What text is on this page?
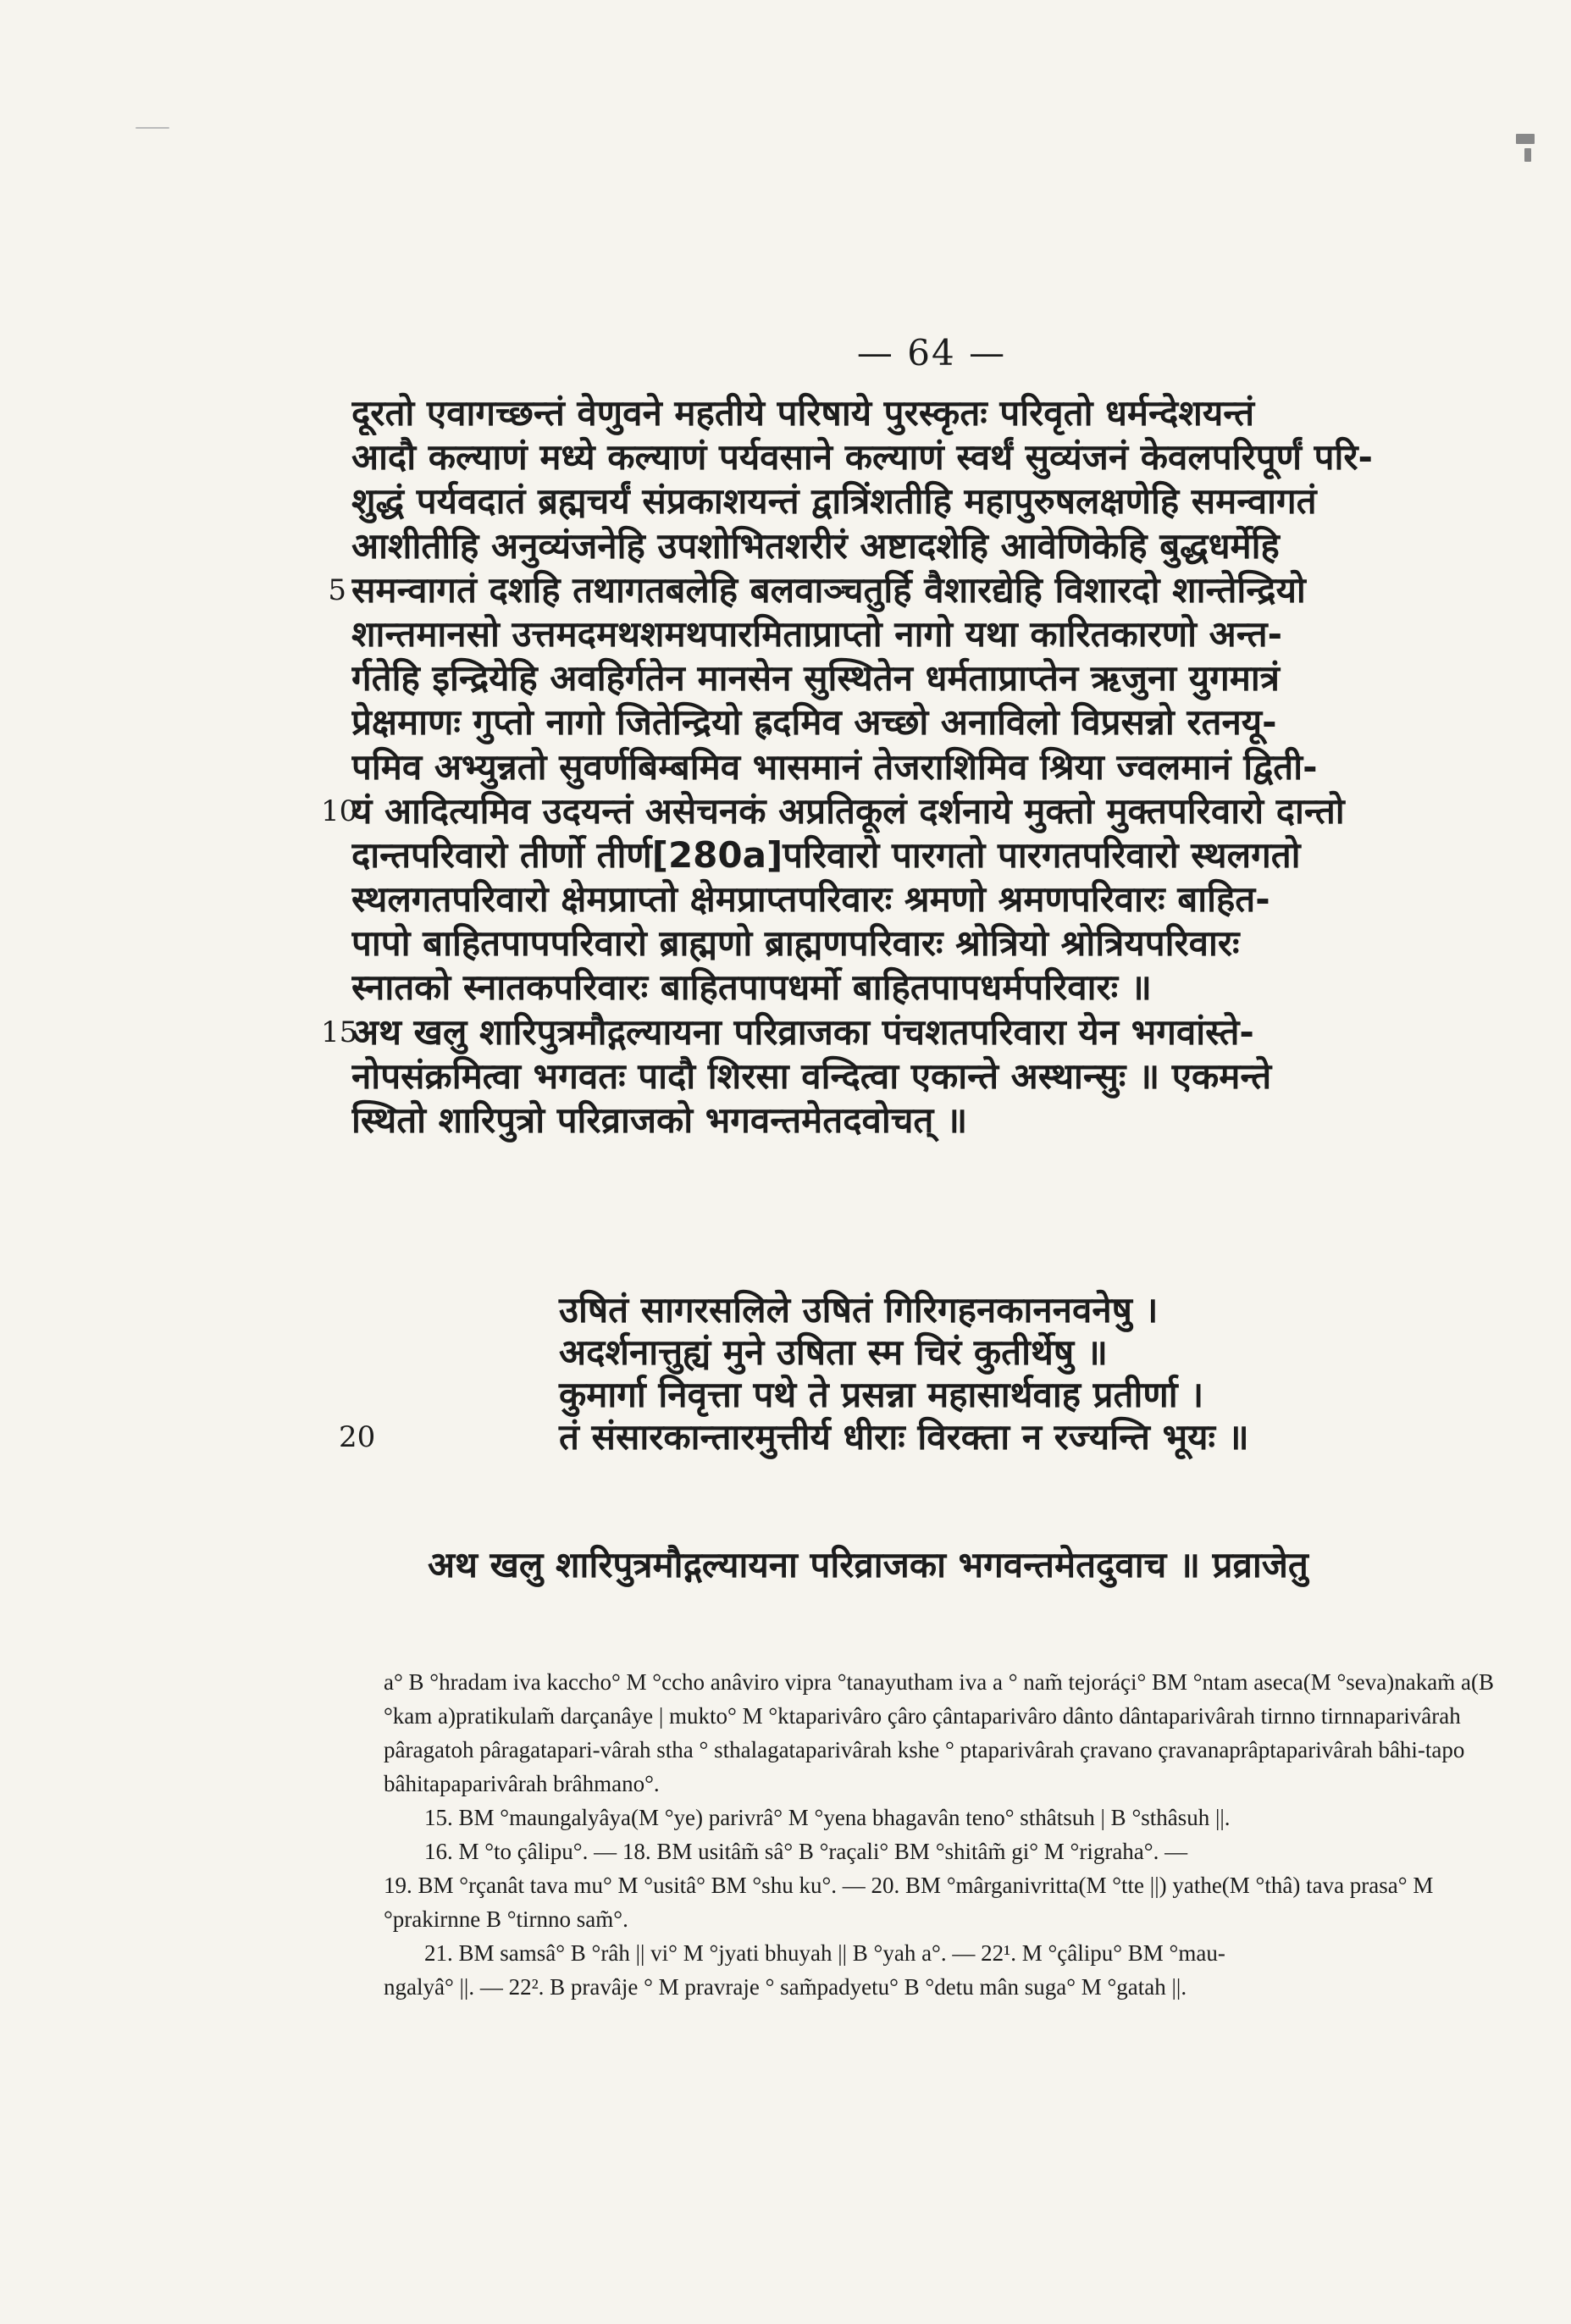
— 64 —
दूरतो एवागच्छन्तं वेणुवने महतीये परिषाये पुरस्कृतः परिवृतो धर्मन्देशयन्तं
आदौ कल्याणं मध्ये कल्याणं पर्यवसाने कल्याणं स्वर्थं सुव्यंजनं केवलपरिपूर्णं परि-
शुद्धं पर्यवदातं ब्रह्मचर्यं संप्रकाशयन्तं द्वात्रिंशतीहि महापुरुषलक्षणेहि समन्वागतं
आशीतीहि अनुव्यंजनेहि उपशोभितशरीरं अष्टादशेहि आवेणिकेहि बुद्धधर्मेहि
5 समन्वागतं दशहि तथागतबलेहि बलवाञ्चतुर्हि वैशारद्येहि विशारदो शान्तेन्द्रियो
शान्तमानसो उत्तमदमथशमथपारमिताप्राप्तो नागो यथा कारितकारणो अन्त-
र्गतेहि इन्द्रियेहि अवहिर्गतेन मानसेन सुस्थितेन धर्मताप्राप्तेन ऋजुना युगमात्रं
प्रेक्षमाणः गुप्तो नागो जितेन्द्रियो ह्रदमिव अच्छो अनाविलो विप्रसन्नो रतनयू-
पमिव अभ्युन्नतो सुवर्णबिम्बमिव भासमानं तेजराशिमिव श्रिया ज्वलमानं द्विती-
10
यं आदित्यमिव उदयन्तं असेचनकं अप्रतिकूलं दर्शनाये मुक्तो मुक्तपरिवारो दान्तो
दान्तपरिवारो तीर्णो तीर्ण[280a]परिवारो पारगतो पारगतपरिवारो स्थलगतो
स्थलगतपरिवारो क्षेमप्राप्तो क्षेमप्राप्तपरिवारः श्रमणो श्रमणपरिवारः बाहित-
पापो बाहितपापपरिवारो ब्राह्मणो ब्राह्मणपरिवारः श्रोत्रियो श्रोत्रियपरिवारः
स्नातको स्नातकपरिवारः बाहितपापधर्मो बाहितपापधर्मपरिवारः ॥
15
अथ खलु शारिपुत्रमौद्गल्यायना परिव्राजका पंचशतपरिवारा येन भगवांस्ते-
नोपसंक्रमित्वा भगवतः पादौ शिरसा वन्दित्वा एकान्ते अस्थान्सुः ॥ एकमन्ते
स्थितो शारिपुत्रो परिव्राजको भगवन्तमेतदवोचत् ॥
20
उषितं सागरसलिले उषितं गिरिगहनकाननवनेषु ।
अदर्शनात्तुह्यं मुने उषिता स्म चिरं कुतीर्थेषु ॥
कुमार्गा निवृत्ता पथे ते प्रसन्ना महासार्थवाह प्रतीर्णा ।
तं संसारकान्तारमुत्तीर्य धीराः विरक्ता न रज्यन्ति भूयः ॥
अथ खलु शारिपुत्रमौद्गल्यायना परिव्राजका भगवन्तमेतदुवाच ॥ प्रव्राजेतु

a° B °hradam iva kaccho° M °ccho anâviro vipra °tanayutham iva a ° nam̃ tejoráçi° BM °ntam aseca(M °seva)nakam̃ a(B °kam a)pratikulam̃ darçanâye | mukto° M °ktaparivâro çâro çântaparivâro dânto dântaparivârah tirnno tirnnaparivârah pâragatoh pâragatapari-vârah stha ° sthalagataparivârah kshe ° ptaparivârah çravano çravanaprâptaparivârah bâhi-tapo bâhitapaparivârah brâhmano°.

15. BM °maungalyâya(M °ye) parivrâ° M °yena bhagavân teno° sthâtsuh | B °sthâsuh ||.

16. M °to çâlipu°. — 18. BM usitâm̃ sâ° B °raçali° BM °shitâm̃ gi° M °rigraha°. —

19. BM °rçanât tava mu° M °usitâ° BM °shu ku°. — 20. BM °mârganivritta(M °tte ||) yathe(M °thâ) tava prasa° M °prakirnne B °tirnno sam̃°.

21. BM samsâ° B °râh || vi° M °jyati bhuyah || B °yah a°. — 22¹. M °çâlipu° BM °mau-

ngalyâ° ||. — 22². B pravâje ° M pravraje ° sam̃padyetu° B °detu mân suga° M °gatah ||.
